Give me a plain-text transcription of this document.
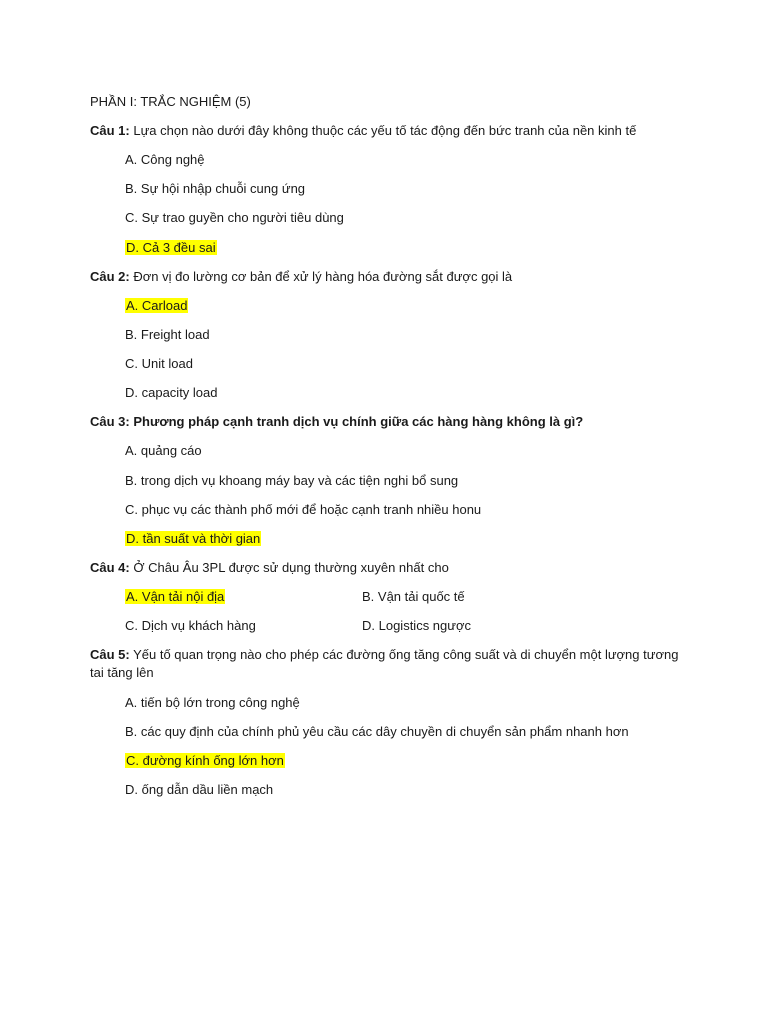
PHẦN I: TRẮC NGHIỆM (5)
Câu 1: Lựa chọn nào dưới đây không thuộc các yếu tố tác động đến bức tranh của nền kinh tế
A. Công nghệ
B. Sự hội nhập chuỗi cung ứng
C. Sự trao guyền cho người tiêu dùng
D. Cả 3 đều sai
Câu 2: Đơn vị đo lường cơ bản để xử lý hàng hóa đường sắt được gọi là
A. Carload
B. Freight load
C. Unit load
D. capacity load
Câu 3: Phương pháp cạnh tranh dịch vụ chính giữa các hàng hàng không là gì?
A. quảng cáo
B. trong dịch vụ khoang máy bay và các tiện nghi bổ sung
C. phục vụ các thành phố mới để hoặc cạnh tranh nhiều honu
D. tần suất và thời gian
Câu 4: Ở Châu Âu 3PL được sử dụng thường xuyên nhất cho
A. Vận tải nội địa	B. Vận tải quốc tế
C. Dịch vụ khách hàng	D. Logistics ngược
Câu 5: Yếu tố quan trọng nào cho phép các đường ống tăng công suất và di chuyển một lượng tương tai tăng lên
A. tiến bộ lớn trong công nghệ
B. các quy định của chính phủ yêu cầu các dây chuyền di chuyển sản phẩm nhanh hơn
C. đường kính ống lớn hơn
D. ống dẫn dầu liền mạch
